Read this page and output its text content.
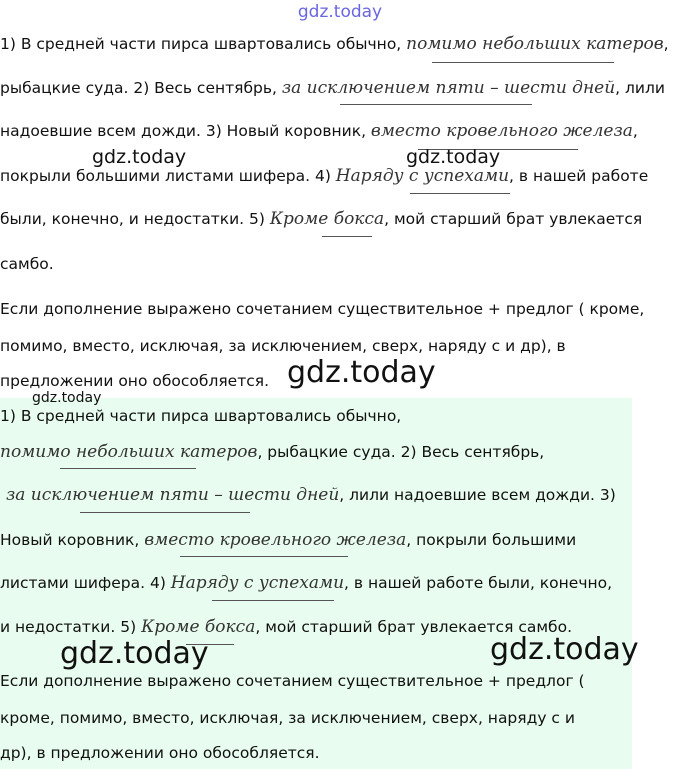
gdz.today
1) В средней части пирса швартовались обычно, помимо небольших катеров,
рыбацкие суда. 2) Весь сентябрь, за исключением пяти – шести дней, лили
надоевшие всем дожди. 3) Новый коровник, вместо кровельного железа,
gdz.today	gdz.today
покрыли большими листами шифера. 4) Наряду с успехами, в нашей работе
были, конечно, и недостатки. 5) Кроме бокса, мой старший брат увлекается
самбо.
Если дополнение выражено сочетанием существительное + предлог ( кроме,
помимо, вместо, исключая, за исключением, сверх, наряду с и др), в
предложении оно обособляется. gdz.today
gdz.today
1) В средней части пирса швартовались обычно,
помимо небольших катеров, рыбацкие суда. 2) Весь сентябрь,
за исключением пяти – шести дней, лили надоевшие всем дожди. 3)
Новый коровник, вместо кровельного железа, покрыли большими
листами шифера. 4) Наряду с успехами, в нашей работе были, конечно,
и недостатки. 5) Кроме бокса, мой старший брат увлекается самбо.
gdz.today	gdz.today
Если дополнение выражено сочетанием существительное + предлог (
кроме, помимо, вместо, исключая, за исключением, сверх, наряду с и
др), в предложении оно обособляется.
